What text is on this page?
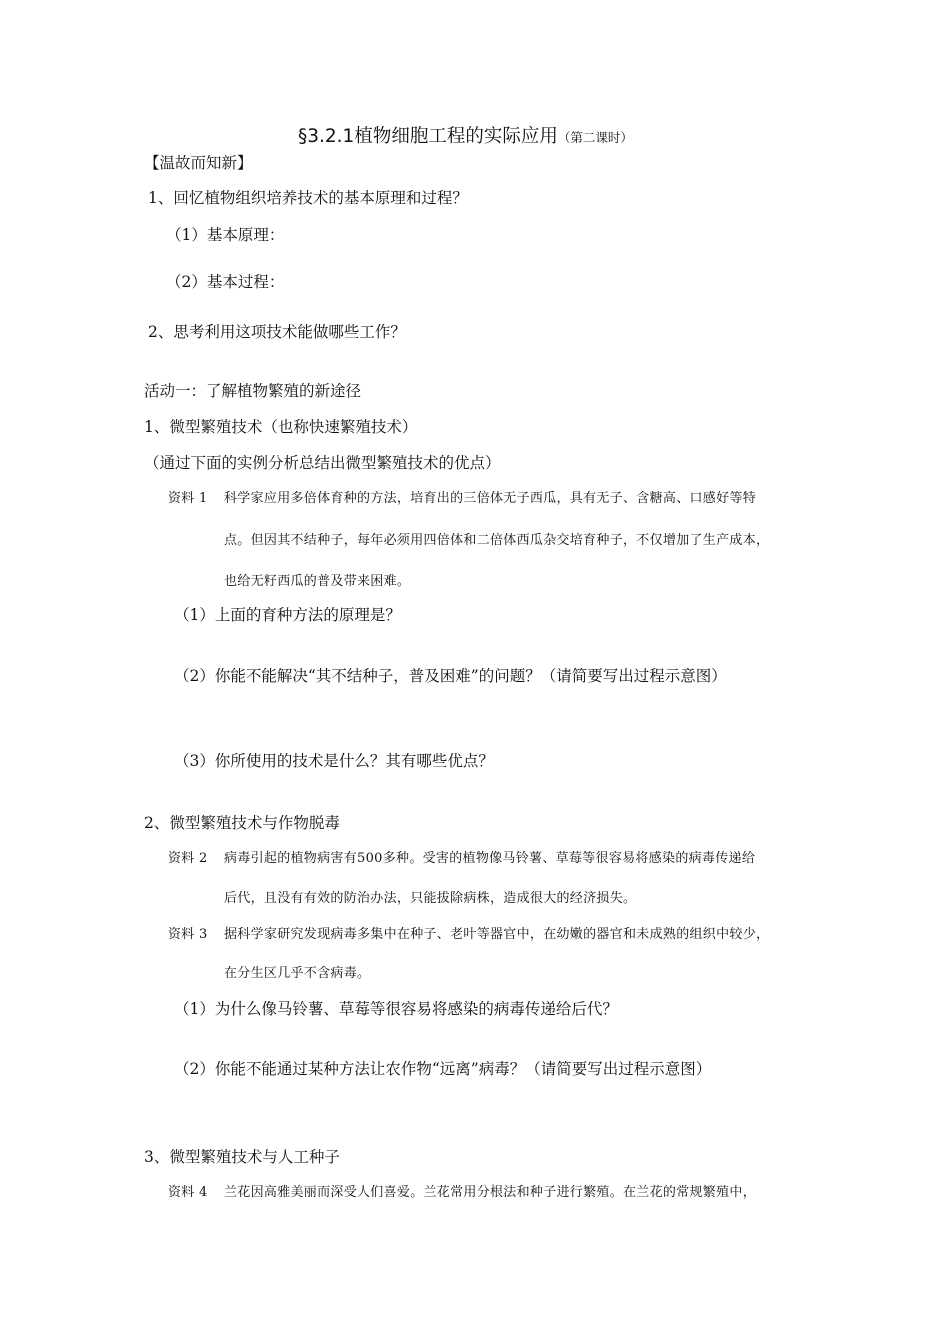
§3.2.1植物细胞工程的实际应用（第二课时）
【温故而知新】
1、回忆植物组织培养技术的基本原理和过程？
（1）基本原理：
（2）基本过程：
2、思考利用这项技术能做哪些工作？
活动一：了解植物繁殖的新途径
1、微型繁殖技术（也称快速繁殖技术）
（通过下面的实例分析总结出微型繁殖技术的优点）
资料 1 科学家应用多倍体育种的方法，培育出的三倍体无子西瓜，具有无子、含糖高、口感好等特
点。但因其不结种子，每年必须用四倍体和二倍体西瓜杂交培育种子，不仅增加了生产成本，
也给无籽西瓜的普及带来困难。
（1）上面的育种方法的原理是？
（2）你能不能解决“其不结种子，普及困难”的问题？（请简要写出过程示意图）
（3）你所使用的技术是什么？其有哪些优点？
2、微型繁殖技术与作物脱毒
资料 2 病毒引起的植物病害有500多种。受害的植物像马铃薯、草莓等很容易将感染的病毒传递给
后代，且没有有效的防治办法，只能拔除病株，造成很大的经济损失。
资料 3 据科学家研究发现病毒多集中在种子、老叶等器官中，在幼嫩的器官和未成熟的组织中较少，
在分生区几乎不含病毒。
（1）为什么像马铃薯、草莓等很容易将感染的病毒传递给后代？
（2）你能不能通过某种方法让农作物“远离”病毒？（请简要写出过程示意图）
3、微型繁殖技术与人工种子
资料 4 兰花因高雅美丽而深受人们喜爱。兰花常用分根法和种子进行繁殖。在兰花的常规繁殖中，
